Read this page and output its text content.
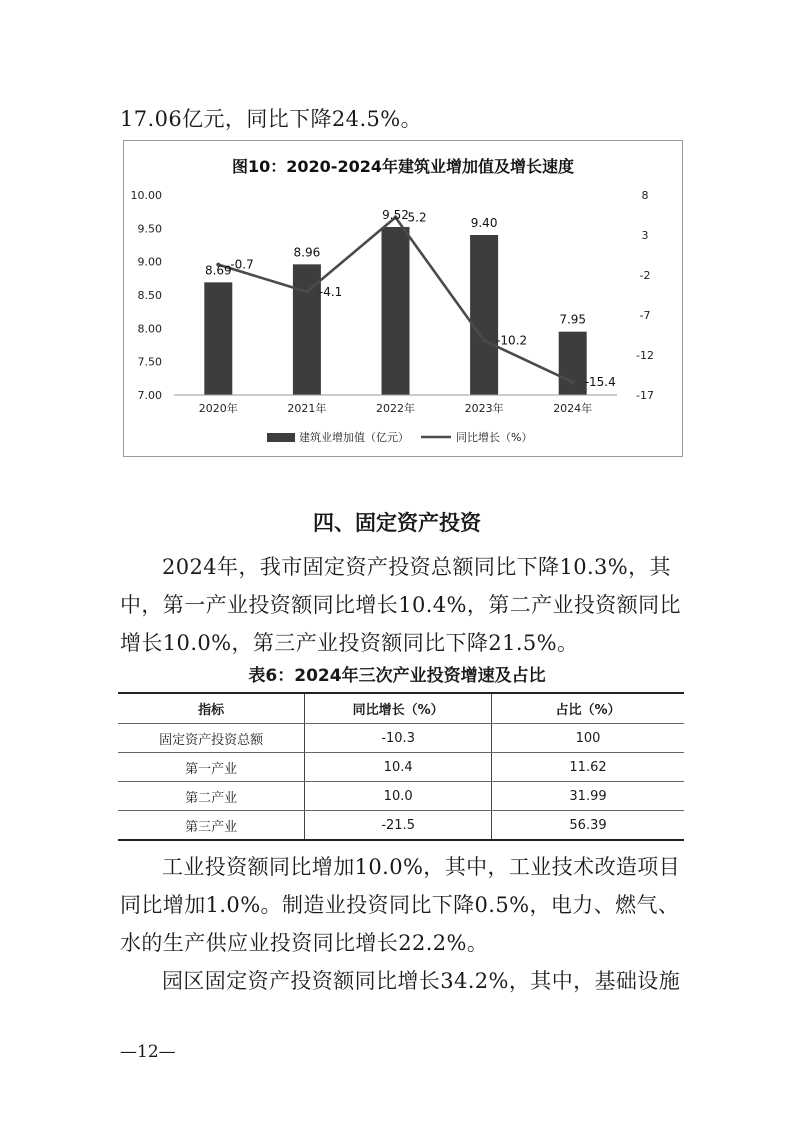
17.06亿元，同比下降24.5%。

图10：2020-2024年建筑业增加值及增长速度
7.00
7.50
8.00
8.50
9.00
9.50
10.00
-17
-12
-7
-2
3
8
2020年	2021年	2022年	2023年	2024年
8.69
8.96
9.52
9.40
7.95
-0.7
-4.1
5.2
-10.2
-15.4
建筑业增加值（亿元）	同比增长（%）
四、固定资产投资

2024年，我市固定资产投资总额同比下降10.3%，其中，第一产业投资额同比增长10.4%，第二产业投资额同比增长10.0%，第三产业投资额同比下降21.5%。

表6：2024年三次产业投资增速及占比

指标	同比增长（%）	占比（%）
固定资产投资总额	-10.3	100
第一产业	10.4	11.62
第二产业	10.0	31.99
第三产业	-21.5	56.39

工业投资额同比增加10.0%，其中，工业技术改造项目同比增加1.0%。制造业投资同比下降0.5%，电力、燃气、水的生产供应业投资同比增长22.2%。

园区固定资产投资额同比增长34.2%，其中，基础设施

—12—
